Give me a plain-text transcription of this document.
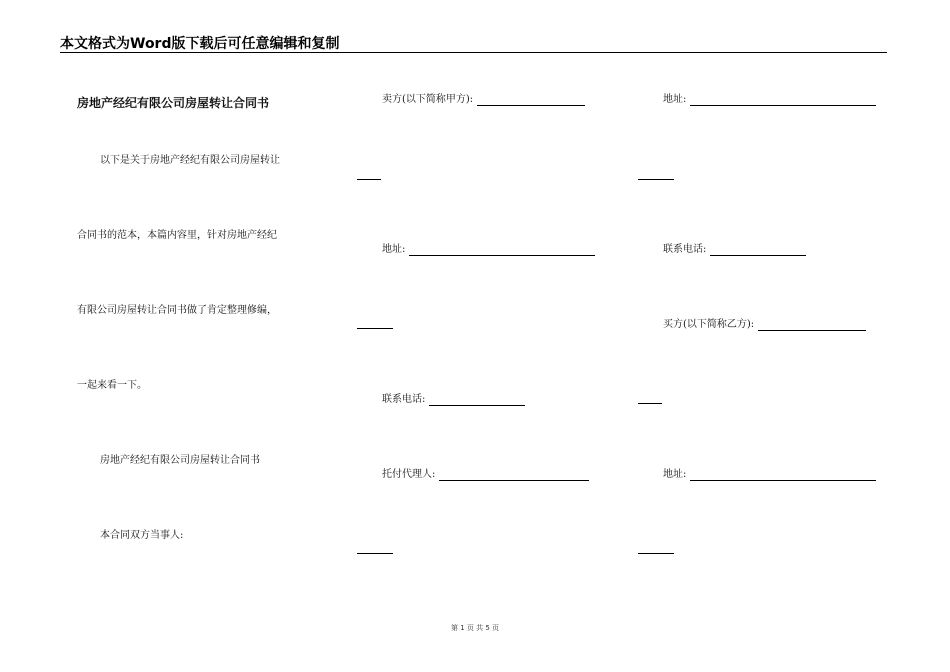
本文格式为Word版下载后可任意编辑和复制
房地产经纪有限公司房屋转让合同书
以下是关于房地产经纪有限公司房屋转让
合同书的范本，本篇内容里，针对房地产经纪
有限公司房屋转让合同书做了肯定整理修编，
一起来看一下。
房地产经纪有限公司房屋转让合同书
本合同双方当事人:
卖方(以下简称甲方):
地址:
联系电话:
托付代理人:
地址:
联系电话:
买方(以下简称乙方):
地址:
第 1 页 共 5 页
